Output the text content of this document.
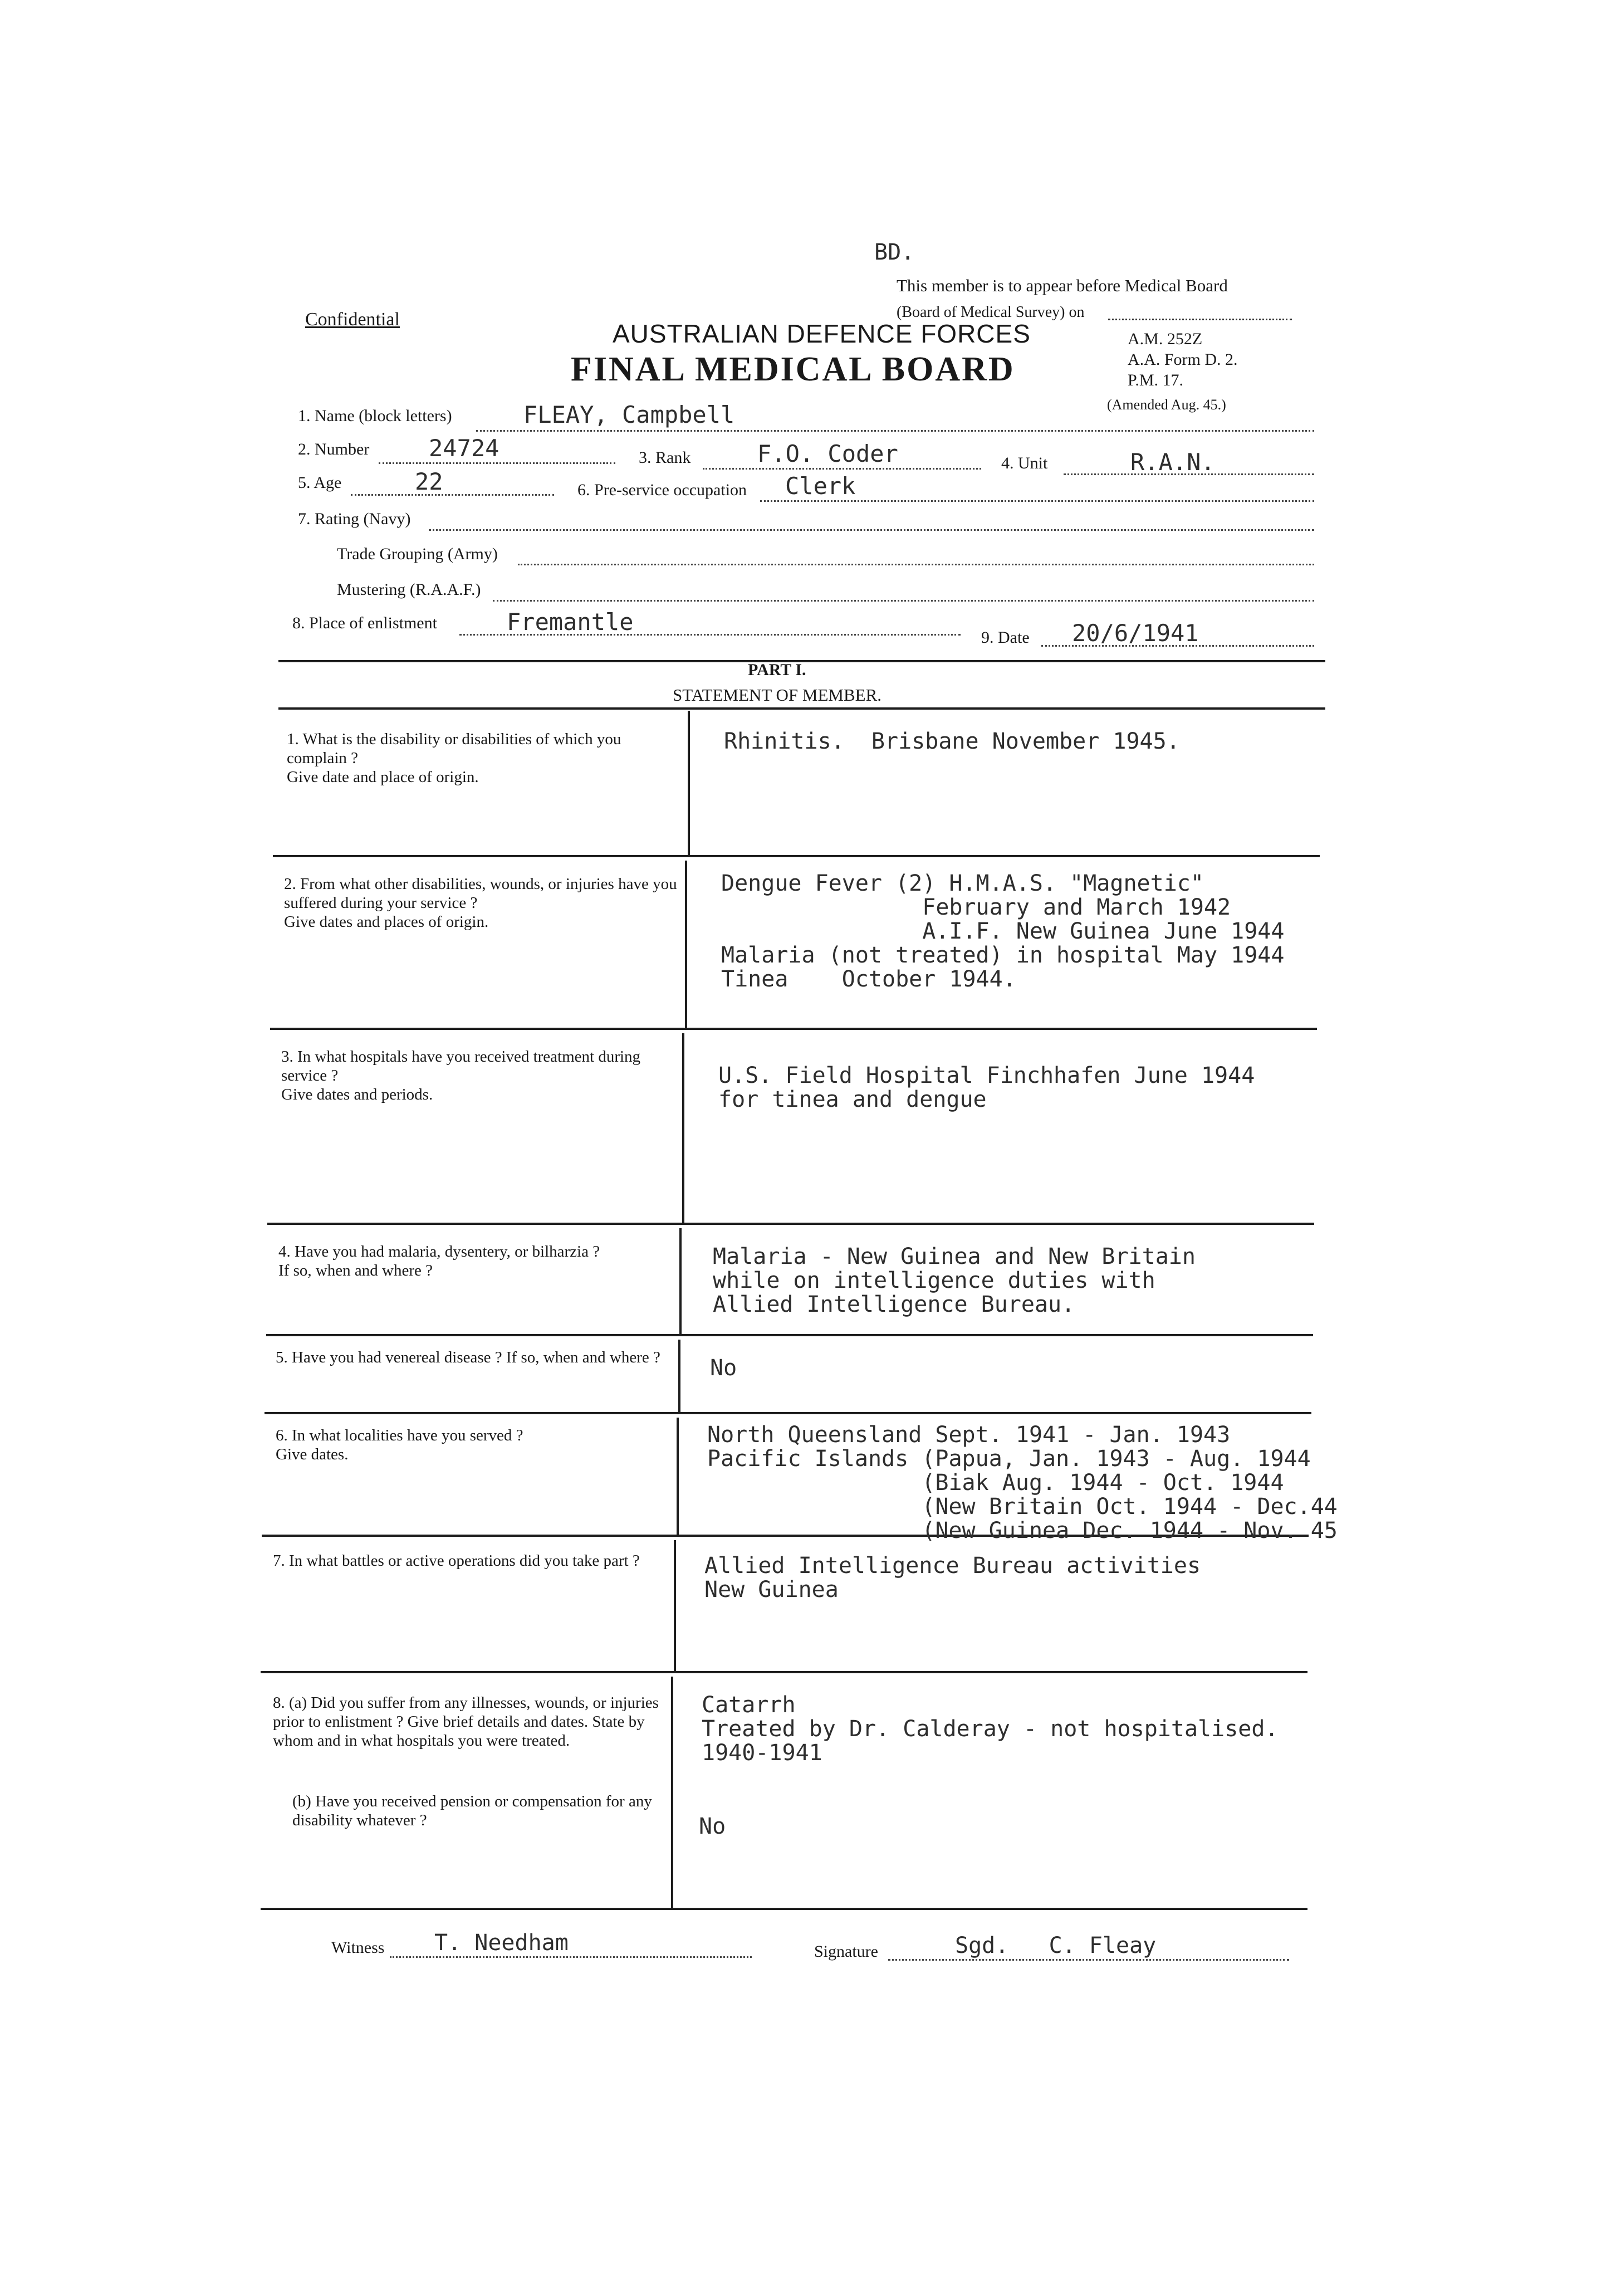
BD.
This member is to appear before Medical Board
(Board of Medical Survey) on
Confidential	AUSTRALIAN DEFENCE FORCES
FINAL MEDICAL BOARD
A.M. 252Z
A.A. Form D. 2.
P.M. 17.
(Amended Aug. 45.)
1. Name (block letters)	FLEAY, Campbell
2. Number	24724	3. Rank	F.O. Coder	4. Unit	R.A.N.
5. Age	22	6. Pre-service occupation Clerk
7. Rating (Navy)
Trade Grouping (Army)
Mustering (R.A.A.F.)
8. Place of enlistment	Fremantle
9. Date 20/6/1941
PART I.
STATEMENT OF MEMBER.
1. What is the disability or disabilities of which you complain ?
Give date and place of origin.
Rhinitis.  Brisbane November 1945.
2. From what other disabilities, wounds, or injuries have you suffered during your service ?
Give dates and places of origin.
Dengue Fever (2) H.M.A.S. "Magnetic"
February and March 1942
A.I.F. New Guinea June 1944
Malaria (not treated) in hospital May 1944
Tinea    October 1944.
3. In what hospitals have you received treatment during service ?
Give dates and periods.
U.S. Field Hospital Finchhafen June 1944
for tinea and dengue
4. Have you had malaria, dysentery, or bilharzia ?
If so, when and where ?
Malaria - New Guinea and New Britain
while on intelligence duties with
Allied Intelligence Bureau.
5. Have you had venereal disease ? If so, when and where ?	No
6. In what localities have you served ?
Give dates.
North Queensland Sept. 1941 - Jan. 1943
Pacific Islands (Papua, Jan. 1943 - Aug. 1944
(Biak Aug. 1944 - Oct. 1944
(New Britain Oct. 1944 - Dec.44
(New Guinea Dec. 1944 - Nov. 45
7. In what battles or active operations did you take part ?	Allied Intelligence Bureau activities
New Guinea
8. (a) Did you suffer from any illnesses, wounds, or injuries prior to enlistment ? Give brief details and dates. State by whom and in what hospitals you were treated.
Catarrh
Treated by Dr. Calderay - not hospitalised.
1940-1941
(b) Have you received pension or compensation for any disability whatever ?	No
Witness T. Needham	Signature	Sgd.   C. Fleay
